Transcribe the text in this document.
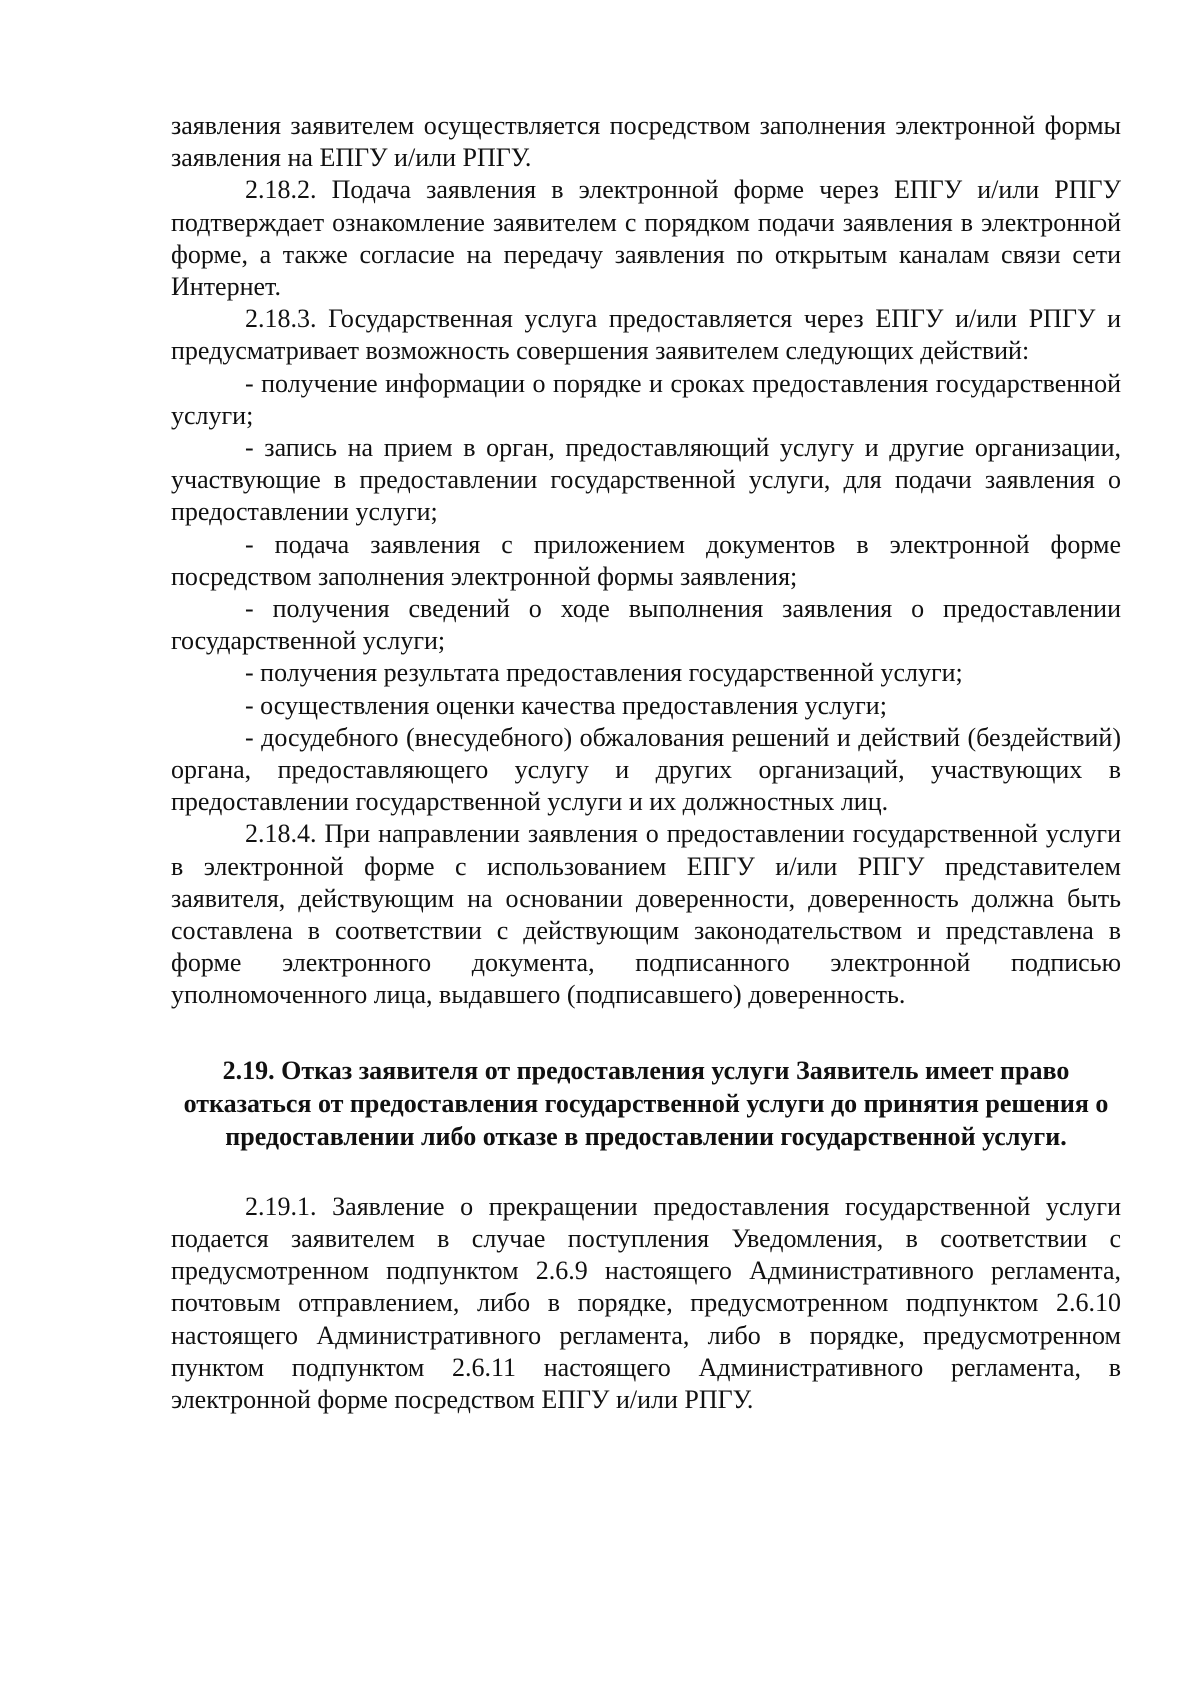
заявления заявителем осуществляется посредством заполнения электронной формы заявления на ЕПГУ и/или РПГУ.

2.18.2. Подача заявления в электронной форме через ЕПГУ и/или РПГУ подтверждает ознакомление заявителем с порядком подачи заявления в электронной форме, а также согласие на передачу заявления по открытым каналам связи сети Интернет.

2.18.3. Государственная услуга предоставляется через ЕПГУ и/или РПГУ и предусматривает возможность совершения заявителем следующих действий:

- получение информации о порядке и сроках предоставления государственной услуги;

- запись на прием в орган, предоставляющий услугу и другие организации, участвующие в предоставлении государственной услуги, для подачи заявления о предоставлении услуги;

- подача заявления с приложением документов в электронной форме посредством заполнения электронной формы заявления;

- получения сведений о ходе выполнения заявления о предоставлении государственной услуги;

- получения результата предоставления государственной услуги;

- осуществления оценки качества предоставления услуги;

- досудебного (внесудебного) обжалования решений и действий (бездействий) органа, предоставляющего услугу и других организаций, участвующих в предоставлении государственной услуги и их должностных лиц.

2.18.4. При направлении заявления о предоставлении государственной услуги в электронной форме с использованием ЕПГУ и/или РПГУ представителем заявителя, действующим на основании доверенности, доверенность должна быть составлена в соответствии с действующим законодательством и представлена в форме электронного документа, подписанного электронной подписью уполномоченного лица, выдавшего (подписавшего) доверенность.

2.19. Отказ заявителя от предоставления услуги Заявитель имеет право отказаться от предоставления государственной услуги до принятия решения о предоставлении либо отказе в предоставлении государственной услуги.

2.19.1. Заявление о прекращении предоставления государственной услуги подается заявителем в случае поступления Уведомления, в соответствии с предусмотренном подпунктом 2.6.9 настоящего Административного регламента, почтовым отправлением, либо в порядке, предусмотренном подпунктом 2.6.10 настоящего Административного регламента, либо в порядке, предусмотренном пунктом подпунктом 2.6.11 настоящего Административного регламента, в электронной форме посредством ЕПГУ и/или РПГУ.
